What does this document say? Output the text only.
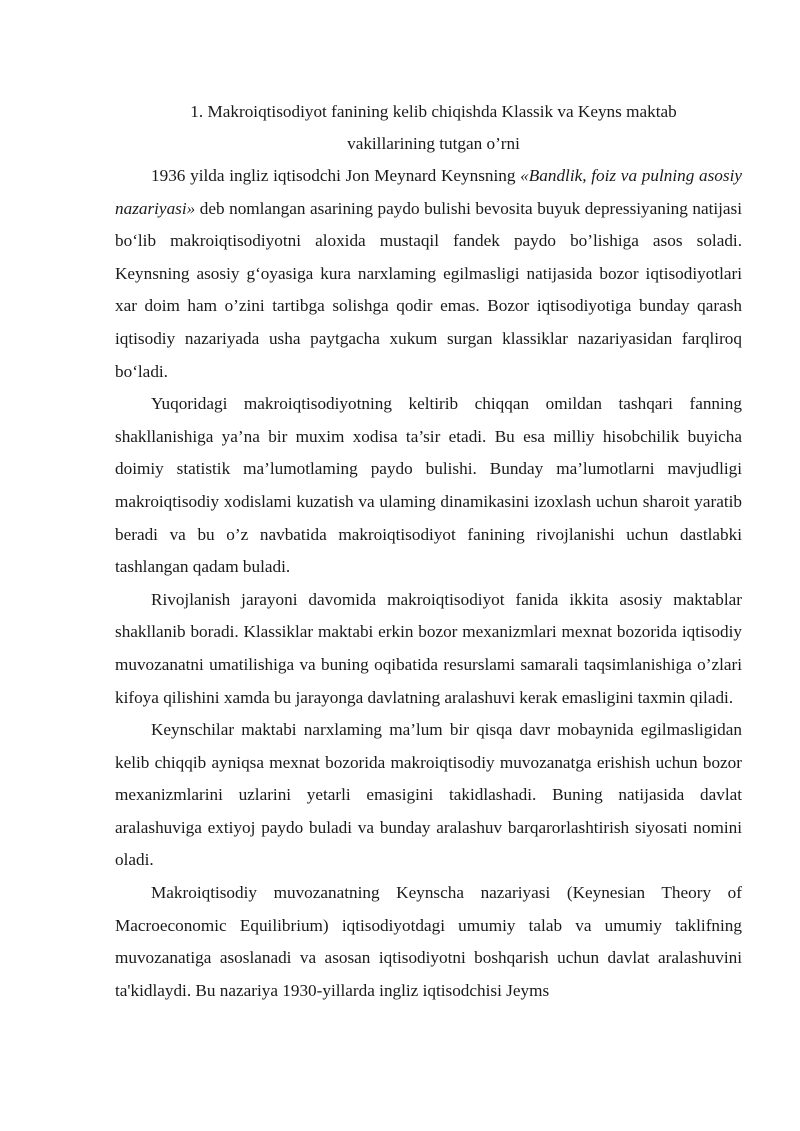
1. Makroiqtisodiyot fanining kelib chiqishda Klassik va Keyns maktab
vakillarining tutgan o’rni

1936 yilda ingliz iqtisodchi Jon Meynard Keynsning «Bandlik, foiz va pulning asosiy nazariyasi» deb nomlangan asarining paydo bulishi bevosita buyuk depressiyaning natijasi bo‘lib makroiqtisodiyotni aloxida mustaqil fandek paydo bo’lishiga asos soladi. Keynsning asosiy g‘oyasiga kura narxlaming egilmasligi natijasida bozor iqtisodiyotlari xar doim ham o’zini tartibga solishga qodir emas. Bozor iqtisodiyotiga bunday qarash iqtisodiy nazariyada usha paytgacha xukum surgan klassiklar nazariyasidan farqliroq bo‘ladi.

Yuqoridagi makroiqtisodiyotning keltirib chiqqan omildan tashqari fanning shakllanishiga ya’na bir muxim xodisa ta’sir etadi. Bu esa milliy hisobchilik buyicha doimiy statistik ma’lumotlaming paydo bulishi. Bunday ma’lumotlarni mavjudligi makroiqtisodiy xodislami kuzatish va ulaming dinamikasini izoxlash uchun sharoit yaratib beradi va bu o’z navbatida makroiqtisodiyot fanining rivojlanishi uchun dastlabki tashlangan qadam buladi.

Rivojlanish jarayoni davomida makroiqtisodiyot fanida ikkita asosiy maktablar shakllanib boradi. Klassiklar maktabi erkin bozor mexanizmlari mexnat bozorida iqtisodiy muvozanatni umatilishiga va buning oqibatida resurslami samarali taqsimlanishiga o’zlari kifoya qilishini xamda bu jarayonga davlatning aralashuvi kerak emasligini taxmin qiladi.

Keynschilar maktabi narxlaming ma’lum bir qisqa davr mobaynida egilmasligidan kelib chiqqib ayniqsa mexnat bozorida makroiqtisodiy muvozanatga erishish uchun bozor mexanizmlarini uzlarini yetarli emasigini takidlashadi. Buning natijasida davlat aralashuviga extiyoj paydo buladi va bunday aralashuv barqarorlashtirish siyosati nomini oladi.

Makroiqtisodiy muvozanatning Keynscha nazariyasi (Keynesian Theory of Macroeconomic Equilibrium) iqtisodiyotdagi umumiy talab va umumiy taklifning muvozanatiga asoslanadi va asosan iqtisodiyotni boshqarish uchun davlat aralashuvini ta'kidlaydi. Bu nazariya 1930-yillarda ingliz iqtisodchisi Jeyms
